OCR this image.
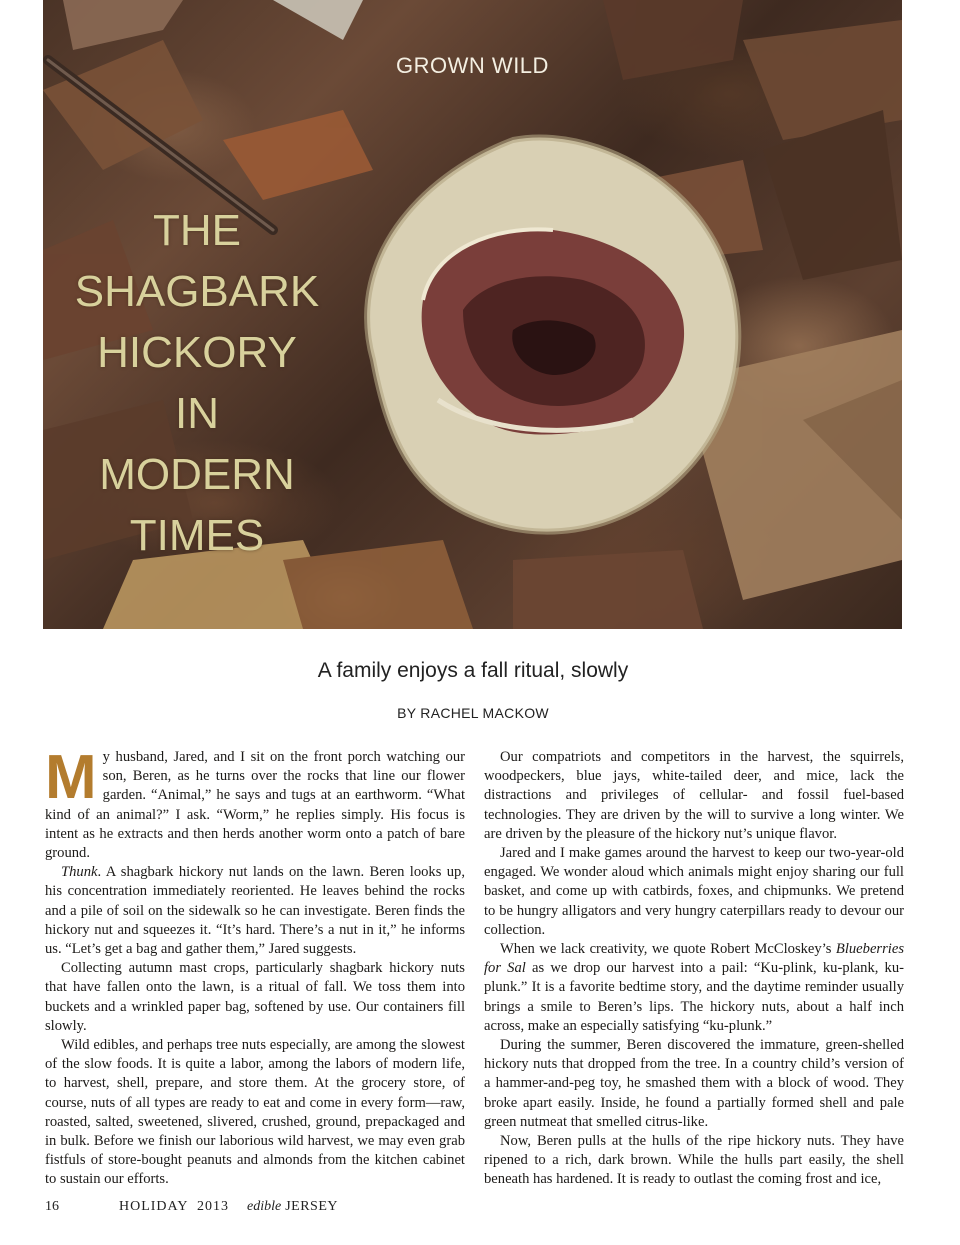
GROWN WILD
THE
SHAGBARK
HICKORY
IN
MODERN
TIMES
A family enjoys a fall ritual, slowly
BY RACHEL MACKOW

My husband, Jared, and I sit on the front porch watching our son, Beren, as he turns over the rocks that line our flower garden. “Animal,” he says and tugs at an earthworm. “What kind of an animal?” I ask. “Worm,” he replies simply. His focus is intent as he extracts and then herds another worm onto a patch of bare ground.

Thunk. A shagbark hickory nut lands on the lawn. Beren looks up, his concentration immediately reoriented. He leaves behind the rocks and a pile of soil on the sidewalk so he can investigate. Beren finds the hickory nut and squeezes it. “It’s hard. There’s a nut in it,” he informs us. “Let’s get a bag and gather them,” Jared suggests.

Collecting autumn mast crops, particularly shagbark hickory nuts that have fallen onto the lawn, is a ritual of fall. We toss them into buckets and a wrinkled paper bag, softened by use. Our containers fill slowly.

Wild edibles, and perhaps tree nuts especially, are among the slowest of the slow foods. It is quite a labor, among the labors of modern life, to harvest, shell, prepare, and store them. At the grocery store, of course, nuts of all types are ready to eat and come in every form—raw, roasted, salted, sweetened, slivered, crushed, ground, prepackaged and in bulk. Before we finish our laborious wild harvest, we may even grab fistfuls of store-bought peanuts and almonds from the kitchen cabinet to sustain our efforts.

Our compatriots and competitors in the harvest, the squirrels, woodpeckers, blue jays, white-tailed deer, and mice, lack the distractions and privileges of cellular- and fossil fuel-based technologies. They are driven by the will to survive a long winter. We are driven by the pleasure of the hickory nut’s unique flavor.

Jared and I make games around the harvest to keep our two-year-old engaged. We wonder aloud which animals might enjoy sharing our full basket, and come up with catbirds, foxes, and chipmunks. We pretend to be hungry alligators and very hungry caterpillars ready to devour our collection.

When we lack creativity, we quote Robert McCloskey’s Blueberries for Sal as we drop our harvest into a pail: “Ku-plink, ku-plank, ku-plunk.” It is a favorite bedtime story, and the daytime reminder usually brings a smile to Beren’s lips. The hickory nuts, about a half inch across, make an especially satisfying “ku-plunk.”

During the summer, Beren discovered the immature, green-shelled hickory nuts that dropped from the tree. In a country child’s version of a hammer-and-peg toy, he smashed them with a block of wood. They broke apart easily. Inside, he found a partially formed shell and pale green nutmeat that smelled citrus-like.

Now, Beren pulls at the hulls of the ripe hickory nuts. They have ripened to a rich, dark brown. While the hulls part easily, the shell beneath has hardened. It is ready to outlast the coming frost and ice,

16	HOLIDAY  2013 edible JERSEY
